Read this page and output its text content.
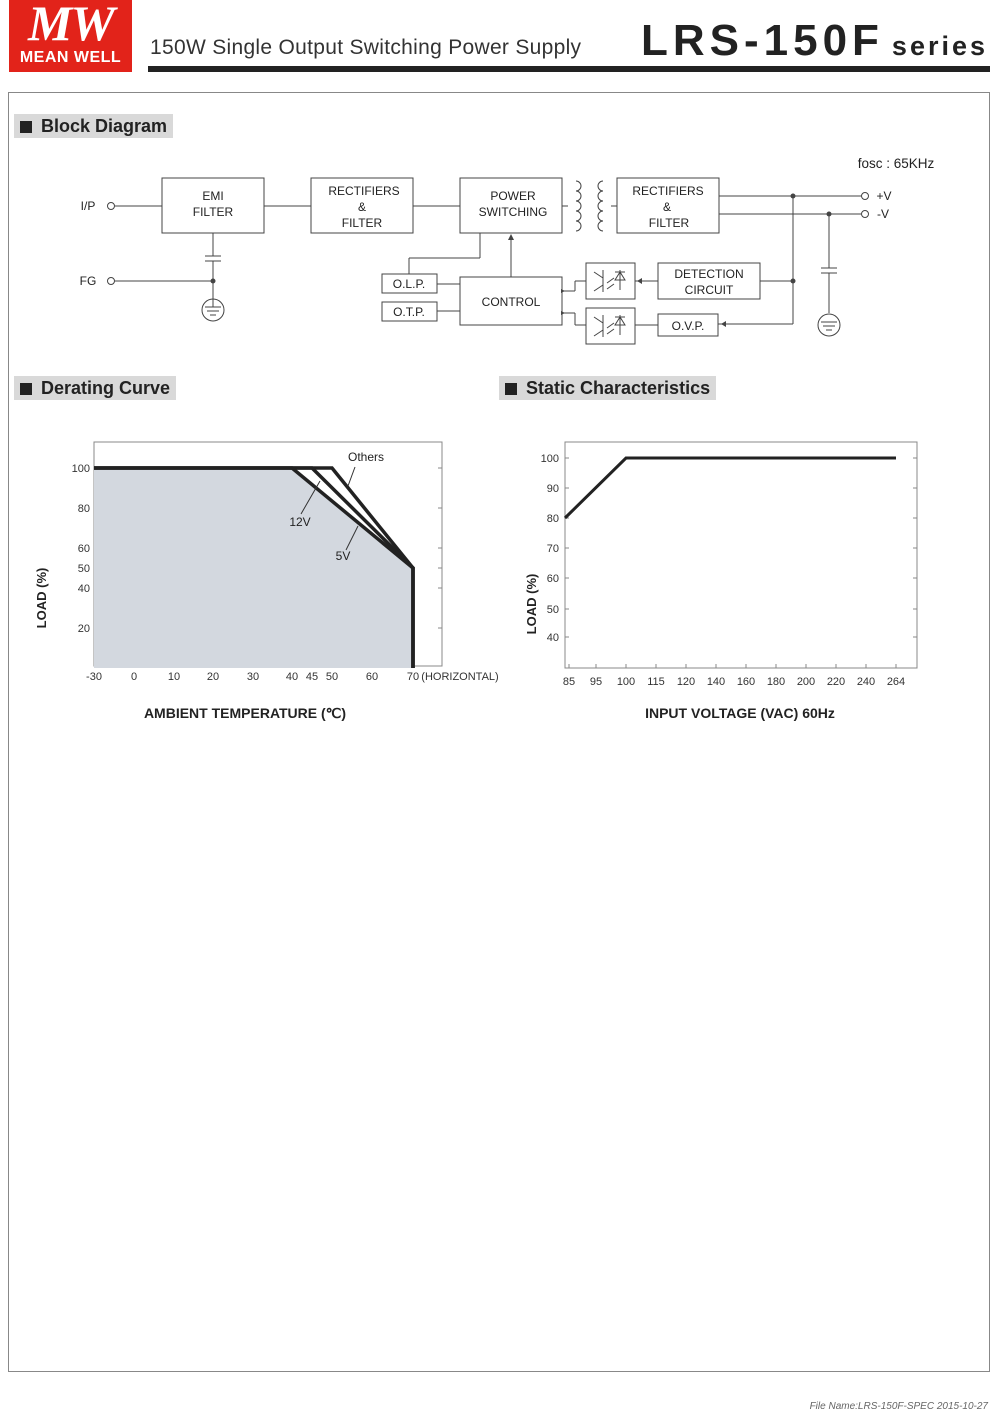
MW
MEAN WELL	150W Single Output Switching Power Supply LRS-150F series
Block Diagram
Derating Curve	Static Characteristics
fosc : 65KHz
I/P
FG
EMI
FILTER
RECTIFIERS
&
FILTER
POWER
SWITCHING
RECTIFIERS
&
FILTER
+V
-V
O.L.P.
O.T.P.
CONTROL
DETECTION
CIRCUIT
O.V.P.
-30	0	10 20	30 40 45 50	60	70
20
40
50
60
80
100
Others
12V
5V
(HORIZONTAL)
AMBIENT TEMPERATURE (℃)
LOAD (%)
85 95 100 115 120 140 160 180 200 220 240 264
40
50
60
70
80
90
100
INPUT VOLTAGE (VAC) 60Hz
LOAD (%)
File Name:LRS-150F-SPEC 2015-10-27
